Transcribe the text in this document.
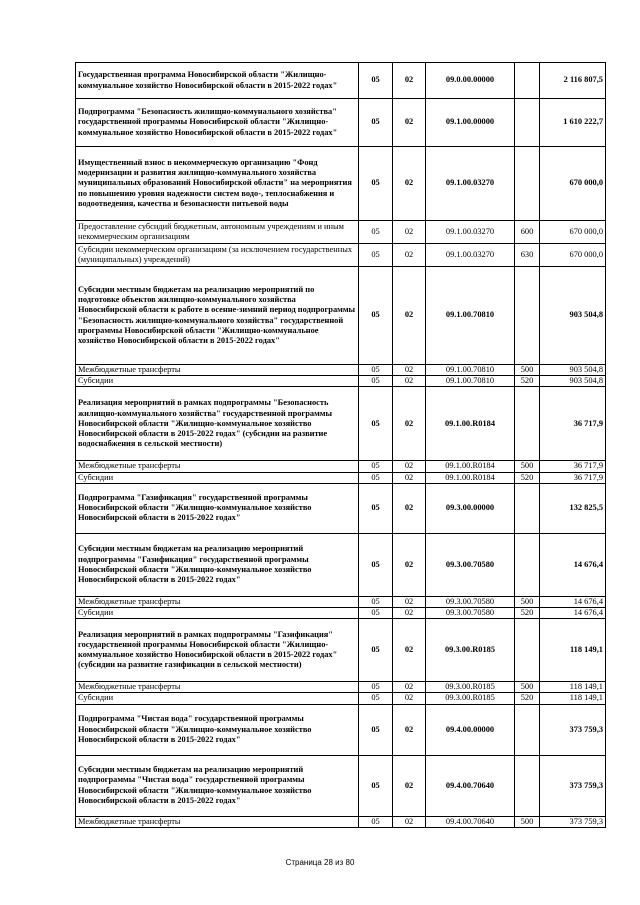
Государственная программа Новосибирской области "Жилищно-коммунальное хозяйство Новосибирской области в 2015-2022 годах"	05	02	09.0.00.00000		2 116 807,5
Подпрограмма "Безопасность жилищно-коммунального хозяйства" государственной программы Новосибирской области "Жилищно-коммунальное хозяйство Новосибирской области в 2015-2022 годах"	05	02	09.1.00.00000		1 610 222,7
Имущественный взнос в некоммерческую организацию "Фонд модернизации и развития жилищно-коммунального хозяйства муниципальных образований Новосибирской области" на мероприятия по повышению уровня надежности систем водо-, теплоснабжения и водоотведения, качества и безопасности питьевой воды	05	02	09.1.00.03270		670 000,0
Предоставление субсидий бюджетным, автономным учреждениям и иным некоммерческим организациям	05	02	09.1.00.03270	600	670 000,0
Субсидии некоммерческим организациям (за исключением государственных (муниципальных) учреждений)	05	02	09.1.00.03270	630	670 000,0
Субсидии местным бюджетам на реализацию мероприятий по подготовке объектов жилищно-коммунального хозяйства Новосибирской области к работе в осенне-зимний период подпрограммы "Безопасность жилищно-коммунального хозяйства" государственной программы Новосибирской области "Жилищно-коммунальное хозяйство Новосибирской области в 2015-2022 годах"	05	02	09.1.00.70810		903 504,8
Межбюджетные трансферты	05	02	09.1.00.70810	500	903 504,8
Субсидии	05	02	09.1.00.70810	520	903 504,8
Реализация мероприятий в рамках подпрограммы "Безопасность жилищно-коммунального хозяйства" государственной программы Новосибирской области "Жилищно-коммунальное хозяйство Новосибирской области в 2015-2022 годах" (субсидии на развитие водоснабжения в сельской местности)	05	02	09.1.00.R0184		36 717,9
Межбюджетные трансферты	05	02	09.1.00.R0184	500	36 717,9
Субсидии	05	02	09.1.00.R0184	520	36 717,9
Подпрограмма "Газификация" государственной программы Новосибирской области "Жилищно-коммунальное хозяйство Новосибирской области в 2015-2022 годах"	05	02	09.3.00.00000		132 825,5
Субсидии местным бюджетам на реализацию мероприятий подпрограммы "Газификация" государственной программы Новосибирской области "Жилищно-коммунальное хозяйство Новосибирской области в 2015-2022 годах"	05	02	09.3.00.70580		14 676,4
Межбюджетные трансферты	05	02	09.3.00.70580	500	14 676,4
Субсидии	05	02	09.3.00.70580	520	14 676,4
Реализация мероприятий в рамках подпрограммы "Газификация" государственной программы Новосибирской области "Жилищно-коммунальное хозяйство Новосибирской области в 2015-2022 годах" (субсидии на развитие газификации в сельской местности)	05	02	09.3.00.R0185		118 149,1
Межбюджетные трансферты	05	02	09.3.00.R0185	500	118 149,1
Субсидии	05	02	09.3.00.R0185	520	118 149,1
Подпрограмма "Чистая вода" государственной программы Новосибирской области "Жилищно-коммунальное хозяйство Новосибирской области в 2015-2022 годах"	05	02	09.4.00.00000		373 759,3
Субсидии местным бюджетам на реализацию мероприятий подпрограммы "Чистая вода" государственной программы Новосибирской области "Жилищно-коммунальное хозяйство Новосибирской области в 2015-2022 годах"	05	02	09.4.00.70640		373 759,3
Межбюджетные трансферты	05	02	09.4.00.70640	500	373 759,3
Страница 28 из 80
